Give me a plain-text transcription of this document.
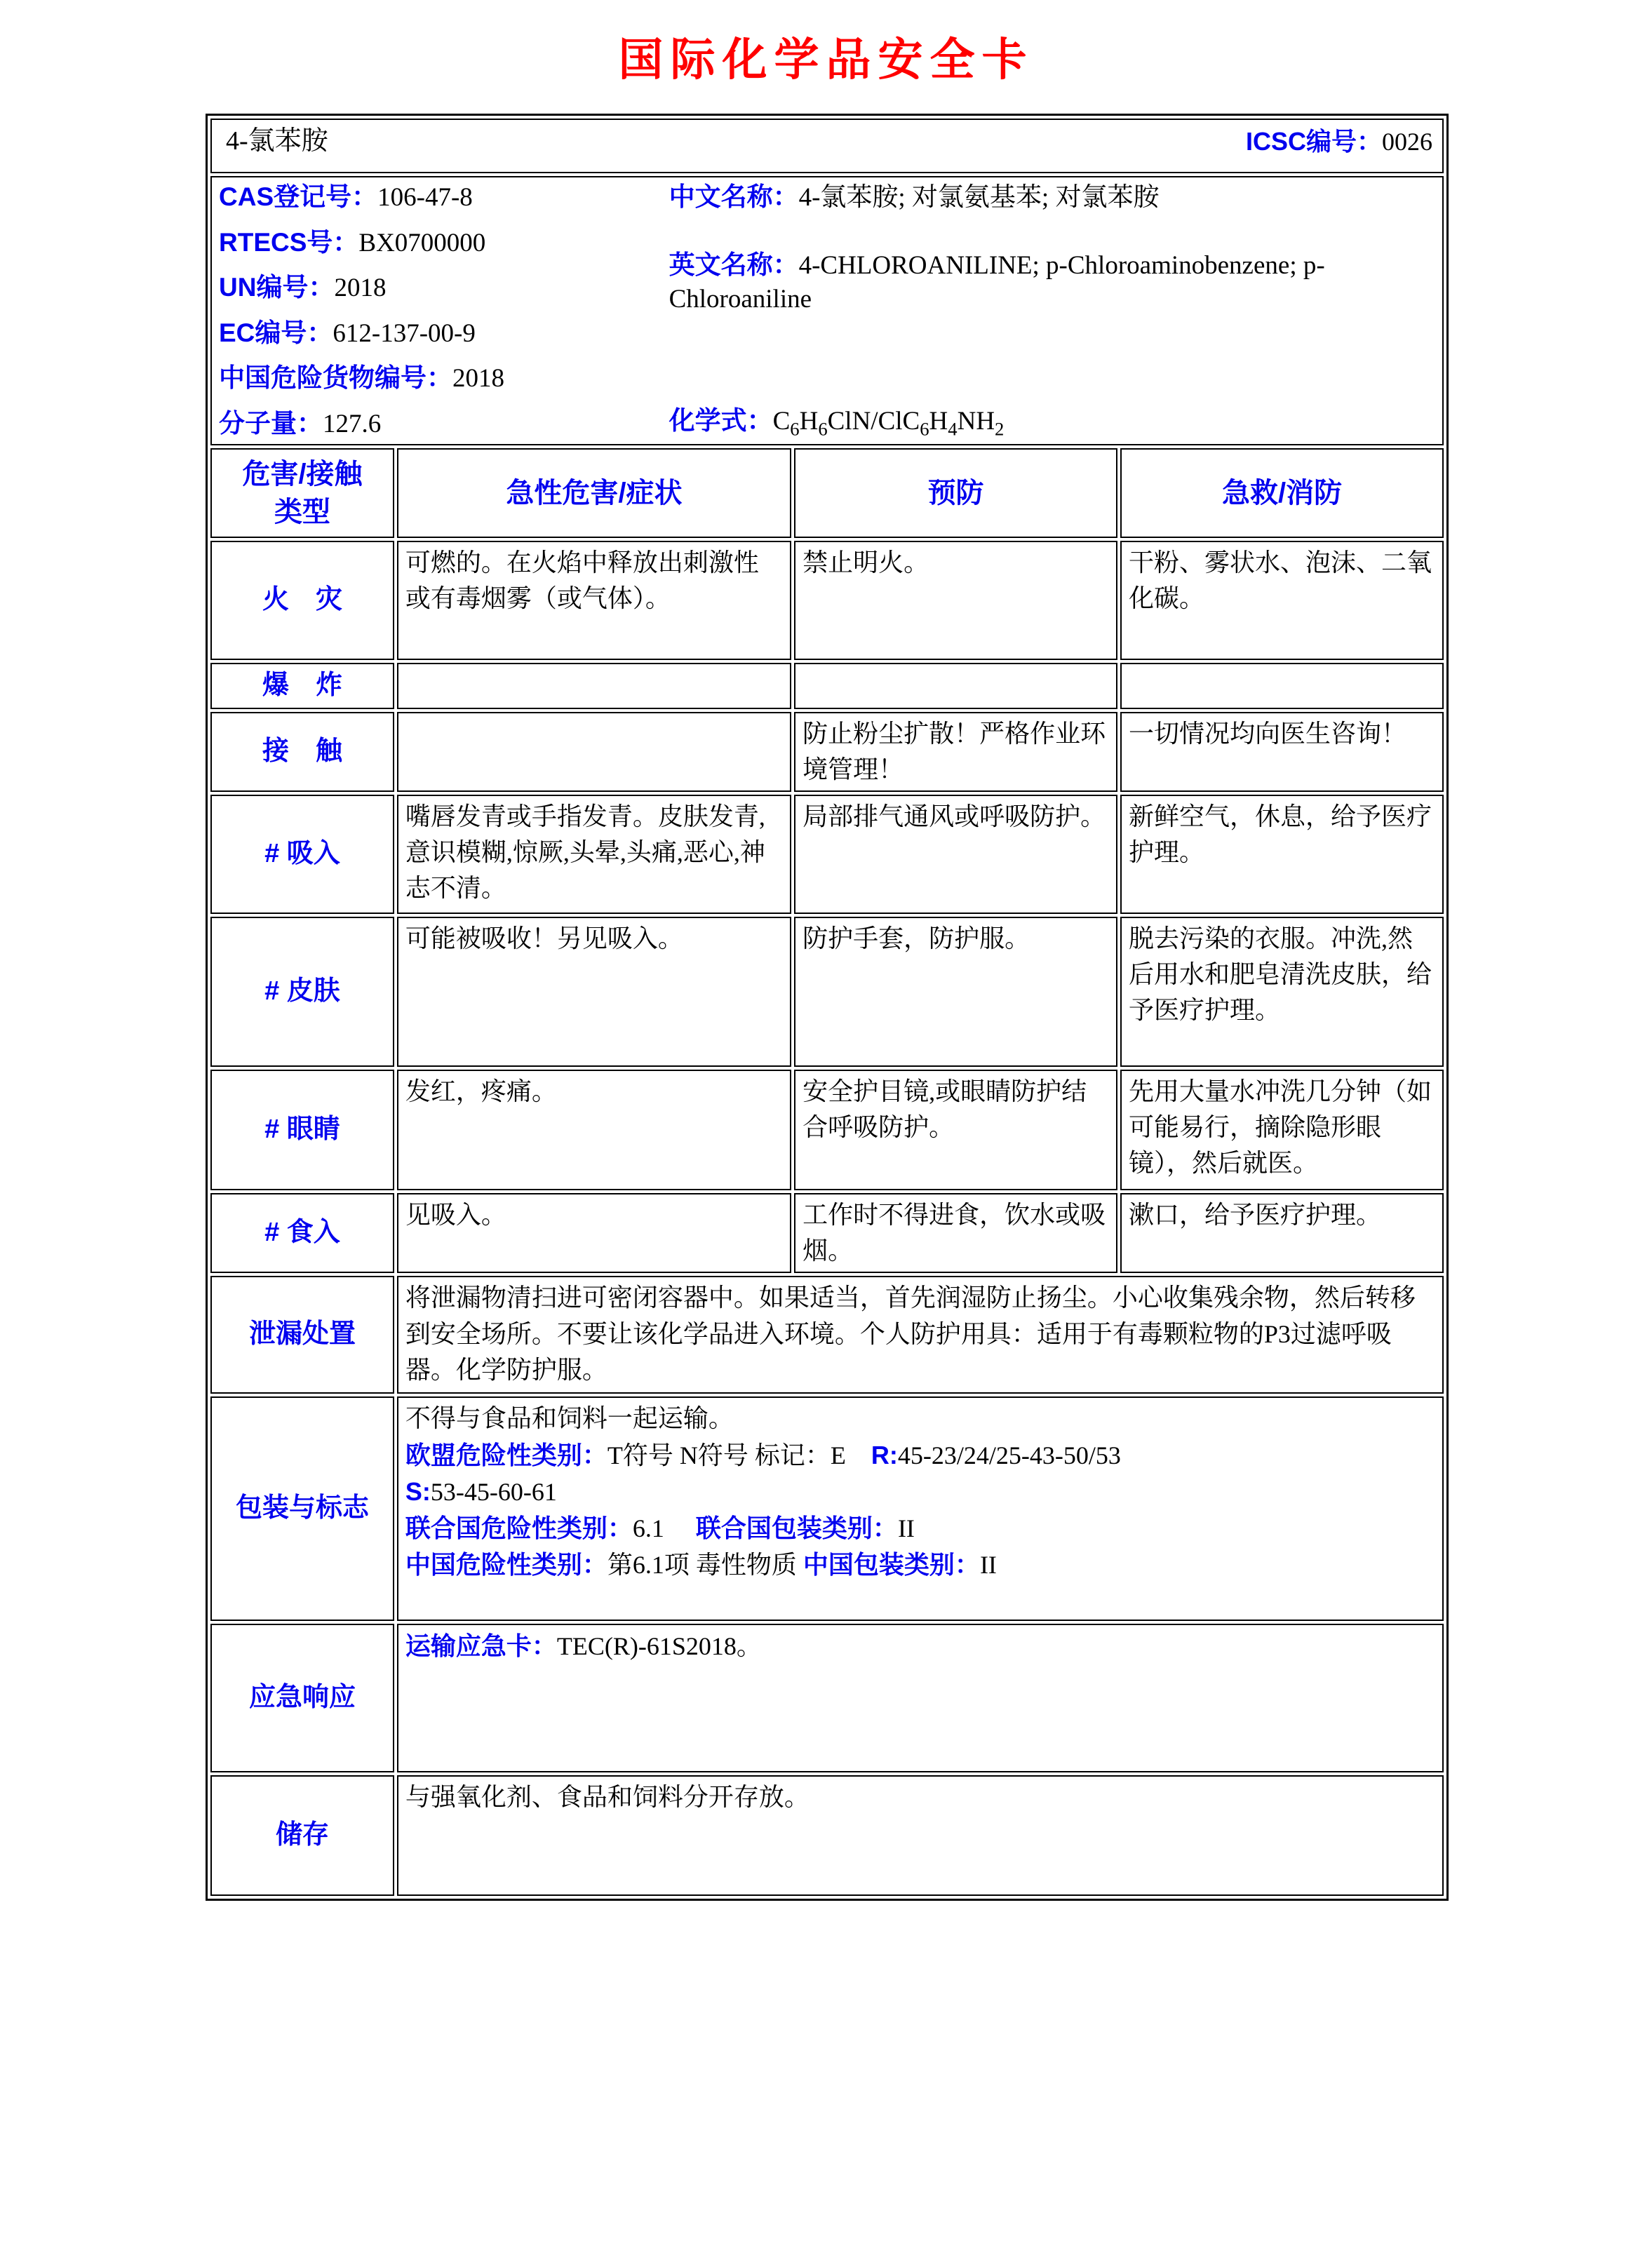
国际化学品安全卡
4-氯苯胺 ICSC编号：0026			

CAS登记号：106-47-8
RTECS号：BX0700000
UN编号：2018
EC编号：612-137-00-9
中国危险货物编号：2018
分子量：127.6
中文名称：4-氯苯胺; 对氯氨基苯; 对氯苯胺
英文名称：4-CHLOROANILINE; p-Chloroaminobenzene; p-Chloroaniline
化学式：$C_6H_6ClN/ClC_6H_4NH_2$

危害/接触
类型	急性危害/症状	预防	急救/消防
火　灾	可燃的。在火焰中释放出刺激性或有毒烟雾（或气体）。	禁止明火。	干粉、雾状水、泡沫、二氧化碳。
爆　炸			
接　触		防止粉尘扩散！严格作业环境管理！	一切情况均向医生咨询！
# 吸入	嘴唇发青或手指发青。皮肤发青,意识模糊,惊厥,头晕,头痛,恶心,神志不清。	局部排气通风或呼吸防护。	新鲜空气，休息，给予医疗护理。
# 皮肤	可能被吸收！另见吸入。	防护手套，防护服。	脱去污染的衣服。冲洗,然后用水和肥皂清洗皮肤，给予医疗护理。
# 眼睛	发红，疼痛。	安全护目镜,或眼睛防护结合呼吸防护。	先用大量水冲洗几分钟（如可能易行，摘除隐形眼镜），然后就医。
# 食入	见吸入。	工作时不得进食，饮水或吸烟。	漱口，给予医疗护理。
泄漏处置	将泄漏物清扫进可密闭容器中。如果适当，首先润湿防止扬尘。小心收集残余物，然后转移到安全场所。不要让该化学品进入环境。个人防护用具：适用于有毒颗粒物的P3过滤呼吸器。化学防护服。		

包装与标志	不得与食品和饲料一起运输。
欧盟危险性类别：T符号 N符号 标记：E　R:45-23/24/25-43-50/53
S:53-45-60-61
联合国危险性类别：6.1　 联合国包装类别：II
中国危险性类别：第6.1项 毒性物质 中国包装类别：II		

应急响应	运输应急卡：TEC(R)-61S2018。		

储存	与强氧化剂、食品和饲料分开存放。		
